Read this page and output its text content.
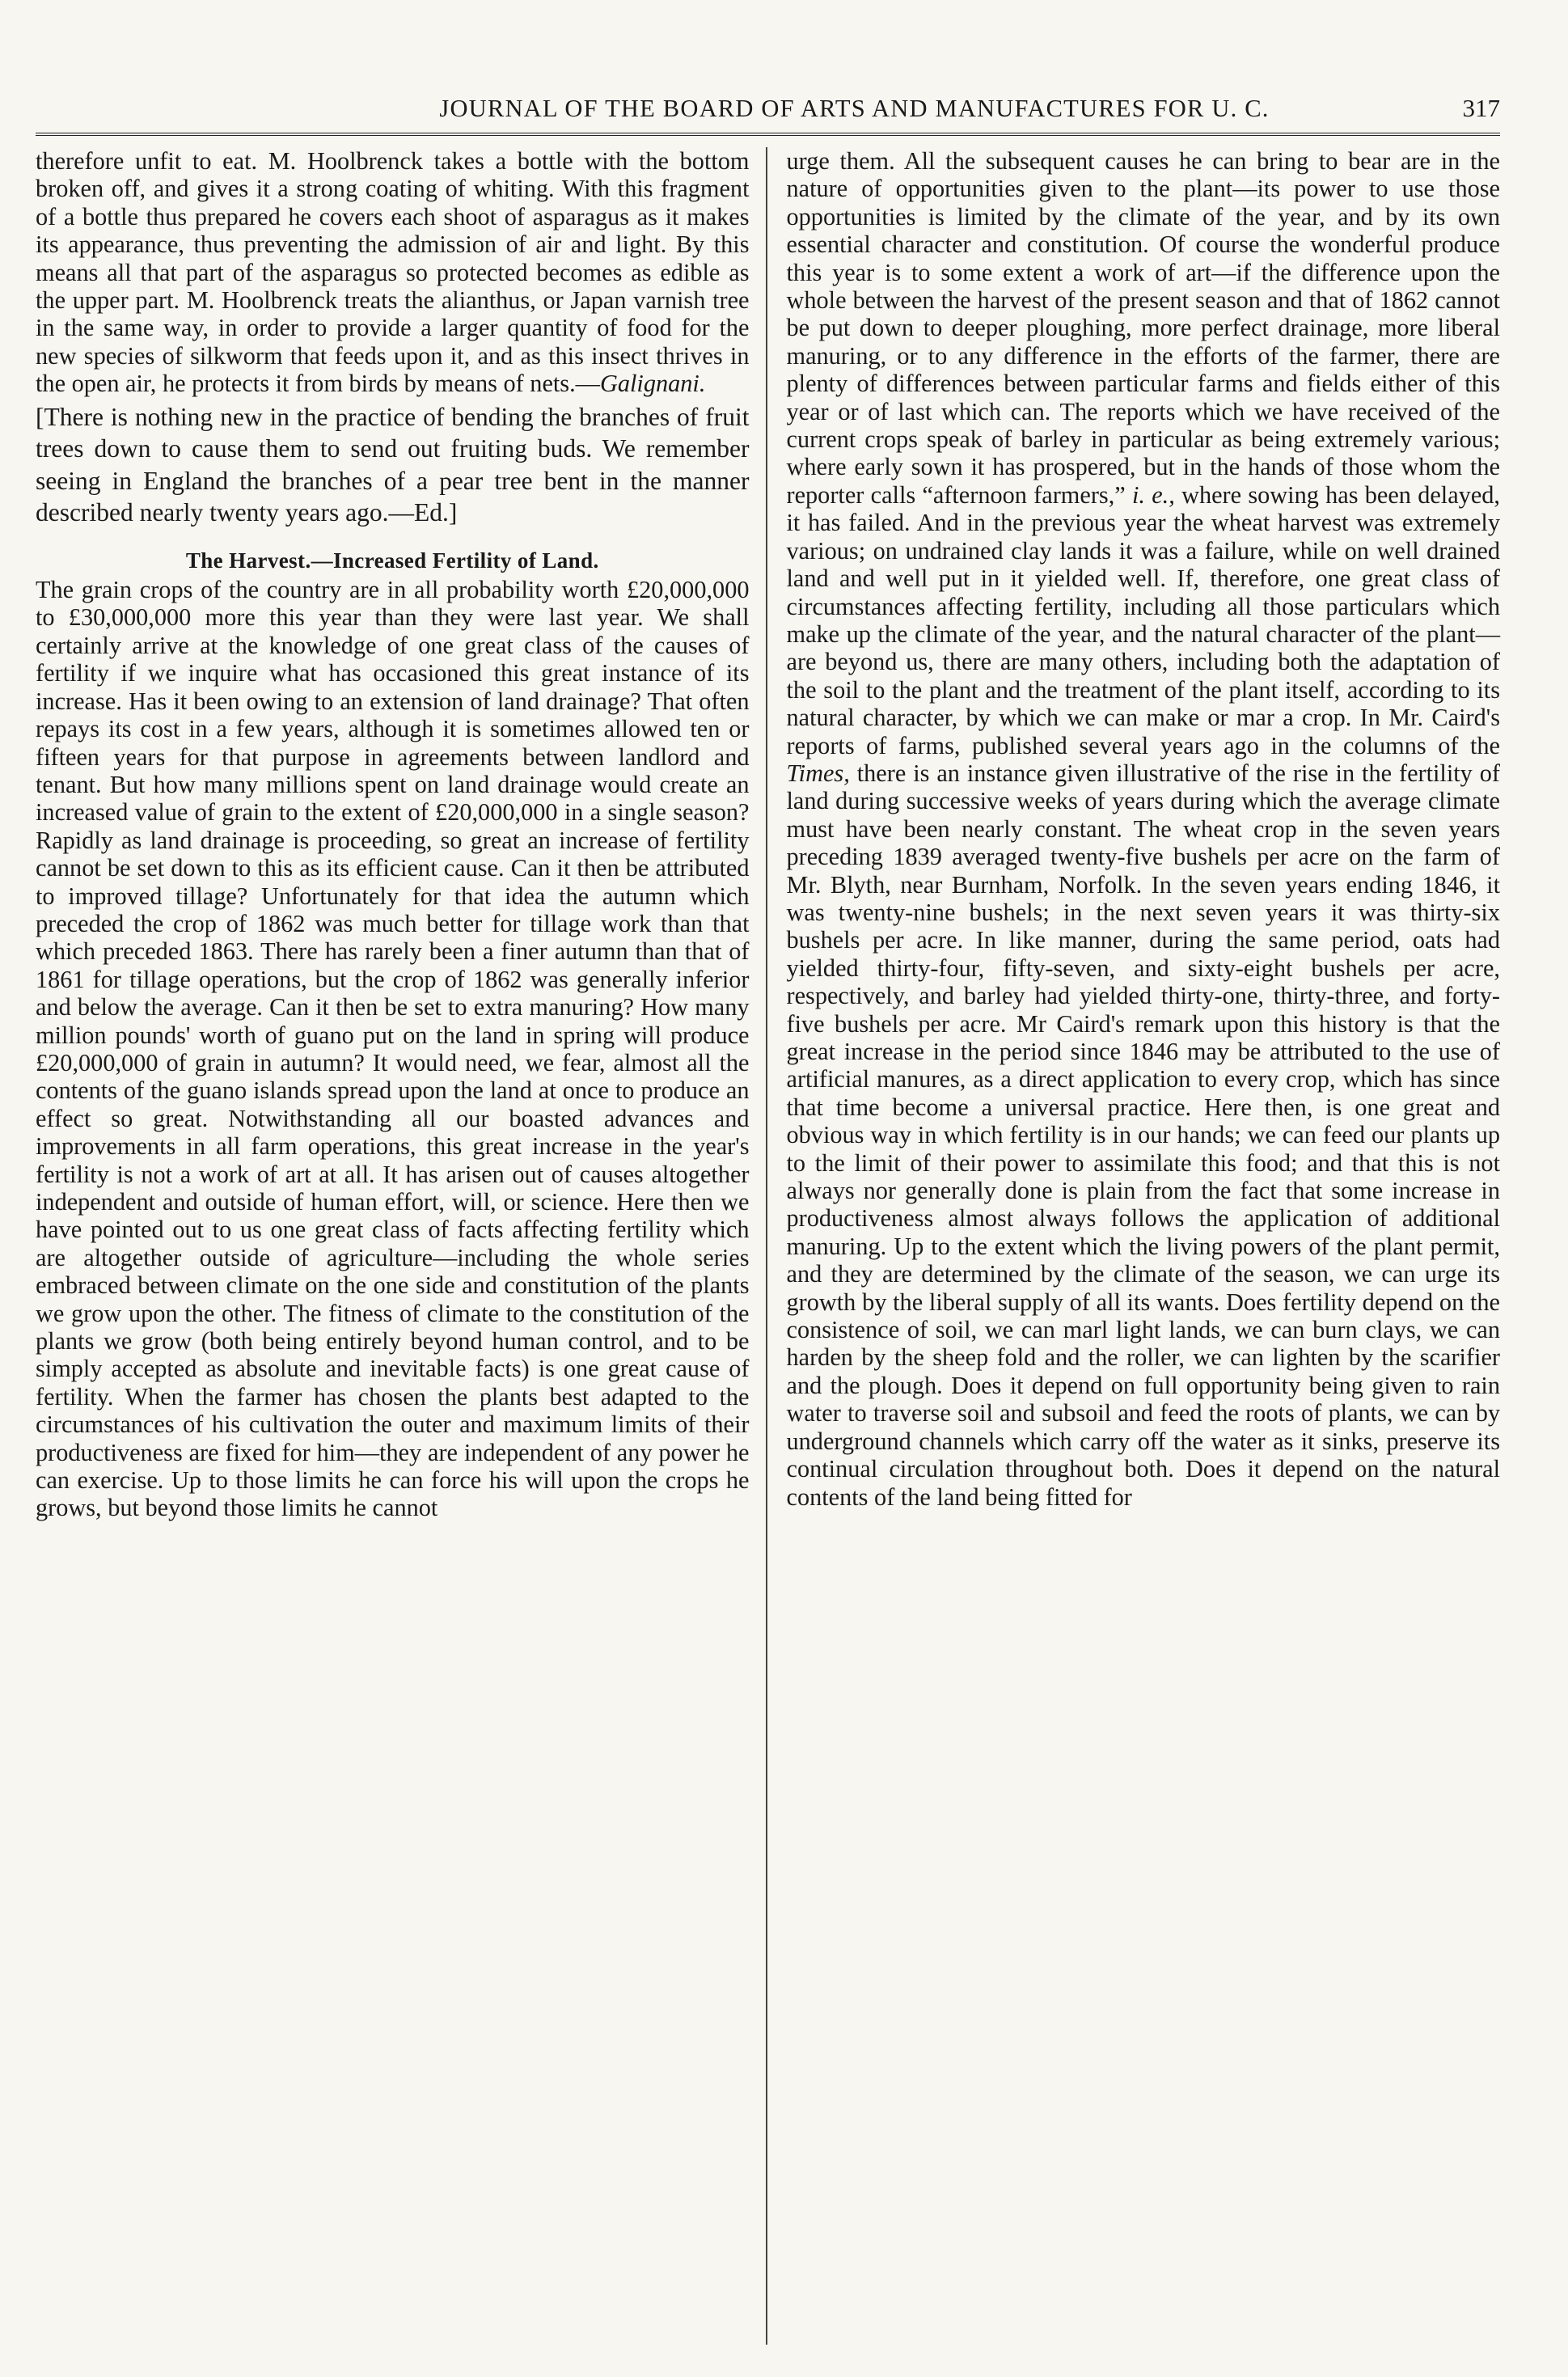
JOURNAL OF THE BOARD OF ARTS AND MANUFACTURES FOR U. C.	317

therefore unfit to eat. M. Hoolbrenck takes a bottle with the bottom broken off, and gives it a strong coating of whiting. With this fragment of a bottle thus prepared he covers each shoot of asparagus as it makes its appearance, thus preventing the admission of air and light. By this means all that part of the asparagus so protected becomes as edible as the upper part. M. Hoolbrenck treats the alianthus, or Japan varnish tree in the same way, in order to provide a larger quantity of food for the new species of silkworm that feeds upon it, and as this insect thrives in the open air, he protects it from birds by means of nets.—Galignani.

[There is nothing new in the practice of bending the branches of fruit trees down to cause them to send out fruiting buds. We remember seeing in England the branches of a pear tree bent in the manner described nearly twenty years ago.—Ed.]

The Harvest.—Increased Fertility of Land.

The grain crops of the country are in all probability worth £20,000,000 to £30,000,000 more this year than they were last year. We shall certainly arrive at the knowledge of one great class of the causes of fertility if we inquire what has occasioned this great instance of its increase. Has it been owing to an extension of land drainage? That often repays its cost in a few years, although it is sometimes allowed ten or fifteen years for that purpose in agreements between landlord and tenant. But how many millions spent on land drainage would create an increased value of grain to the extent of £20,000,000 in a single season? Rapidly as land drainage is proceeding, so great an increase of fertility cannot be set down to this as its efficient cause. Can it then be attributed to improved tillage? Unfortunately for that idea the autumn which preceded the crop of 1862 was much better for tillage work than that which preceded 1863. There has rarely been a finer autumn than that of 1861 for tillage operations, but the crop of 1862 was generally inferior and below the average. Can it then be set to extra manuring? How many million pounds' worth of guano put on the land in spring will produce £20,000,000 of grain in autumn? It would need, we fear, almost all the contents of the guano islands spread upon the land at once to produce an effect so great. Notwithstanding all our boasted advances and improvements in all farm operations, this great increase in the year's fertility is not a work of art at all. It has arisen out of causes altogether independent and outside of human effort, will, or science. Here then we have pointed out to us one great class of facts affecting fertility which are altogether outside of agriculture—including the whole series embraced between climate on the one side and constitution of the plants we grow upon the other. The fitness of climate to the constitution of the plants we grow (both being entirely beyond human control, and to be simply accepted as absolute and inevitable facts) is one great cause of fertility. When the farmer has chosen the plants best adapted to the circumstances of his cultivation the outer and maximum limits of their productiveness are fixed for him—they are independent of any power he can exercise. Up to those limits he can force his will upon the crops he grows, but beyond those limits he cannot

urge them. All the subsequent causes he can bring to bear are in the nature of opportunities given to the plant—its power to use those opportunities is limited by the climate of the year, and by its own essential character and constitution. Of course the wonderful produce this year is to some extent a work of art—if the difference upon the whole between the harvest of the present season and that of 1862 cannot be put down to deeper ploughing, more perfect drainage, more liberal manuring, or to any difference in the efforts of the farmer, there are plenty of differences between particular farms and fields either of this year or of last which can. The reports which we have received of the current crops speak of barley in particular as being extremely various; where early sown it has prospered, but in the hands of those whom the reporter calls “afternoon farmers,” i. e., where sowing has been delayed, it has failed. And in the previous year the wheat harvest was extremely various; on undrained clay lands it was a failure, while on well drained land and well put in it yielded well. If, therefore, one great class of circumstances affecting fertility, including all those particulars which make up the climate of the year, and the natural character of the plant—are beyond us, there are many others, including both the adaptation of the soil to the plant and the treatment of the plant itself, according to its natural character, by which we can make or mar a crop. In Mr. Caird's reports of farms, published several years ago in the columns of the Times, there is an instance given illustrative of the rise in the fertility of land during successive weeks of years during which the average climate must have been nearly constant. The wheat crop in the seven years preceding 1839 averaged twenty-five bushels per acre on the farm of Mr. Blyth, near Burnham, Norfolk. In the seven years ending 1846, it was twenty-nine bushels; in the next seven years it was thirty-six bushels per acre. In like manner, during the same period, oats had yielded thirty-four, fifty-seven, and sixty-eight bushels per acre, respectively, and barley had yielded thirty-one, thirty-three, and forty-five bushels per acre. Mr Caird's remark upon this history is that the great increase in the period since 1846 may be attributed to the use of artificial manures, as a direct application to every crop, which has since that time become a universal practice. Here then, is one great and obvious way in which fertility is in our hands; we can feed our plants up to the limit of their power to assimilate this food; and that this is not always nor generally done is plain from the fact that some increase in productiveness almost always follows the application of additional manuring. Up to the extent which the living powers of the plant permit, and they are determined by the climate of the season, we can urge its growth by the liberal supply of all its wants. Does fertility depend on the consistence of soil, we can marl light lands, we can burn clays, we can harden by the sheep fold and the roller, we can lighten by the scarifier and the plough. Does it depend on full opportunity being given to rain water to traverse soil and subsoil and feed the roots of plants, we can by underground channels which carry off the water as it sinks, preserve its continual circulation throughout both. Does it depend on the natural contents of the land being fitted for
